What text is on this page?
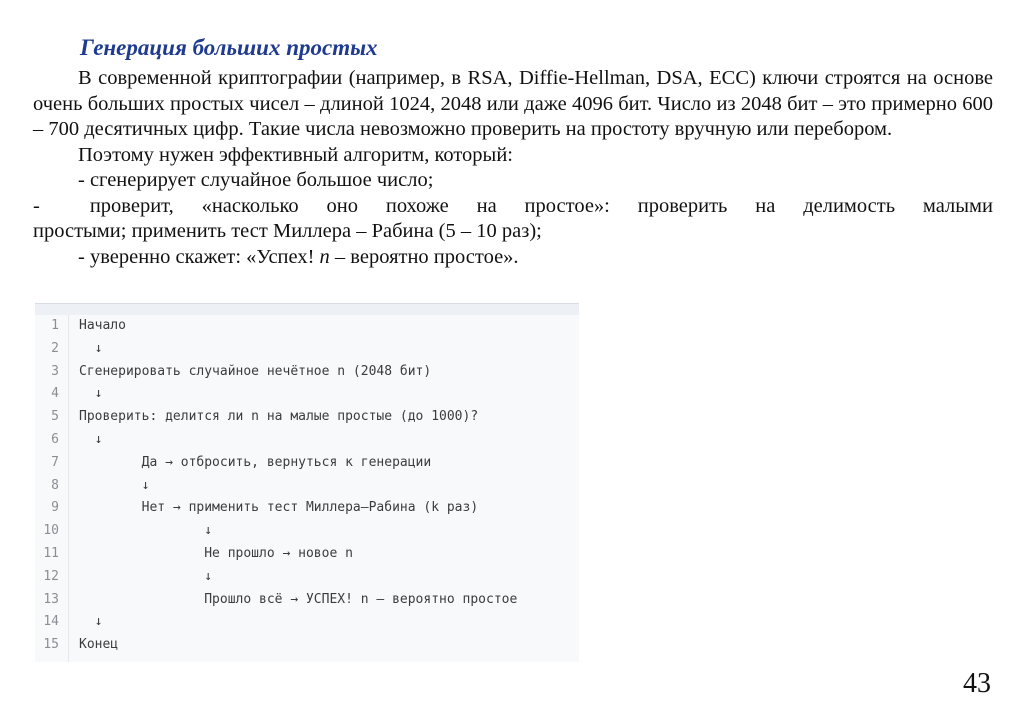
Генерация больших простых

В современной криптографии (например, в RSA, Diffie-Hellman, DSA, ECC) ключи строятся на основе очень больших простых чисел – длиной 1024, 2048 или даже 4096 бит. Число из 2048 бит – это примерно 600 – 700 десятичных цифр. Такие числа невозможно проверить на простоту вручную или перебором.

Поэтому нужен эффективный алгоритм, который:

- сгенерирует случайное большое число;

- проверит, «насколько оно похоже на простое»: проверить на делимость малыми

простыми; применить тест Миллера – Рабина (5 – 10 раз);

- уверенно скажет: «Успех! n – вероятно простое».

1 Начало
2 ↓
3 Сгенерировать случайное нечётное n (2048 бит)
4 ↓
5 Проверить: делится ли n на малые простые (до 1000)?
6 ↓
7 Да → отбросить, вернуться к генерации
8 ↓
9 Нет → применить тест Миллера–Рабина (k раз)
10 ↓
11 Не прошло → новое n
12 ↓
13 Прошло всё → УСПЕХ! n — вероятно простое
14 ↓
15 Конец
43
